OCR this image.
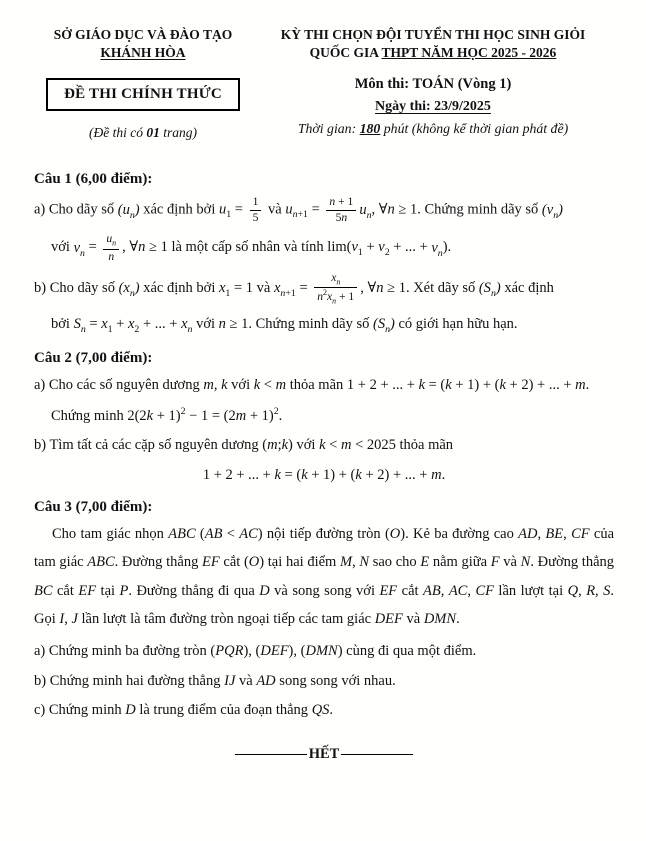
SỞ GIÁO DỤC VÀ ĐÀO TẠO
KHÁNH HÒA
ĐỀ THI CHÍNH THỨC
(Đề thi có 01 trang)
KỲ THI CHỌN ĐỘI TUYỂN THI HỌC SINH GIỎI
QUỐC GIA THPT NĂM HỌC 2025 - 2026
Môn thi: TOÁN (Vòng 1)
Ngày thi: 23/9/2025
Thời gian: 180 phút (không kể thời gian phát đề)
Câu 1 (6,00 điểm):
a) Cho dãy số $(u_n)$ xác định bởi $u_1 = \frac{1}{5}$ và $u_{n+1} = \frac{n + 1}{5n} u_n$, ∀n ≥ 1. Chứng minh dãy số $(v_n)$
với $v_n = \frac{u_n}{n}$ , ∀n ≥ 1 là một cấp số nhân và tính $\lim(v_1 + v_2$ + ... + $v_n$).
b) Cho dãy số $(x_n)$ xác định bởi $x_1 = 1$ và $x_{n+1} = \frac{x_n}{n^2x_n + 1}$ , ∀n ≥ 1. Xét dãy số $(S_n)$ xác định
bởi $S_n = x_1 + x_2$ + ... + $x_n$ với n ≥ 1. Chứng minh dãy số $(S_n)$ có giới hạn hữu hạn.
Câu 2 (7,00 điểm):
a) Cho các số nguyên dương m, k với k < m thỏa mãn 1 + 2 + ... + k = (k + 1) + (k + 2) + ... + m.
Chứng minh $2(2k + 1)^2 - 1 = (2m + 1)^2$.
b) Tìm tất cả các cặp số nguyên dương (m;k) với k < m < 2025 thỏa mãn
1 + 2 + ... + k = (k + 1) + (k + 2) + ... + m.
Câu 3 (7,00 điểm):
Cho tam giác nhọn ABC (AB < AC) nội tiếp đường tròn (O). Kẻ ba đường cao AD, BE, CF của tam giác ABC. Đường thẳng EF cắt (O) tại hai điểm M, N sao cho E nằm giữa F và N. Đường thẳng BC cắt EF tại P. Đường thẳng đi qua D và song song với EF cắt AB, AC, CF lần lượt tại Q, R, S. Gọi I, J lần lượt là tâm đường tròn ngoại tiếp các tam giác DEF và DMN.
a) Chứng minh ba đường tròn (PQR), (DEF), (DMN) cùng đi qua một điểm.
b) Chứng minh hai đường thẳng IJ và AD song song với nhau.
c) Chứng minh D là trung điểm của đoạn thẳng QS.
HẾT
